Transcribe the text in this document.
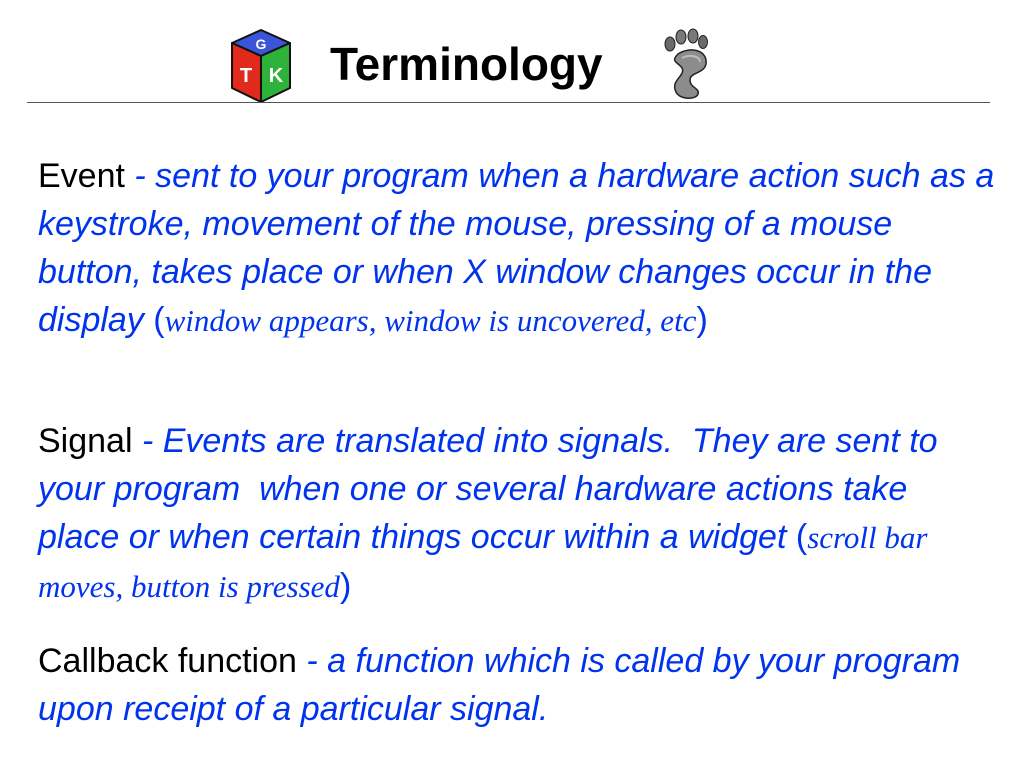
G
T K Terminology

Event - sent to your program when a hardware action such as a keystroke, movement of the mouse, pressing of a mouse button, takes place or when X window changes occur in the display (window appears, window is uncovered, etc)

Signal - Events are translated into signals.  They are sent to your program  when one or several hardware actions take place or when certain things occur within a widget (scroll bar moves, button is pressed)

Callback function - a function which is called by your program upon receipt of a particular signal.
